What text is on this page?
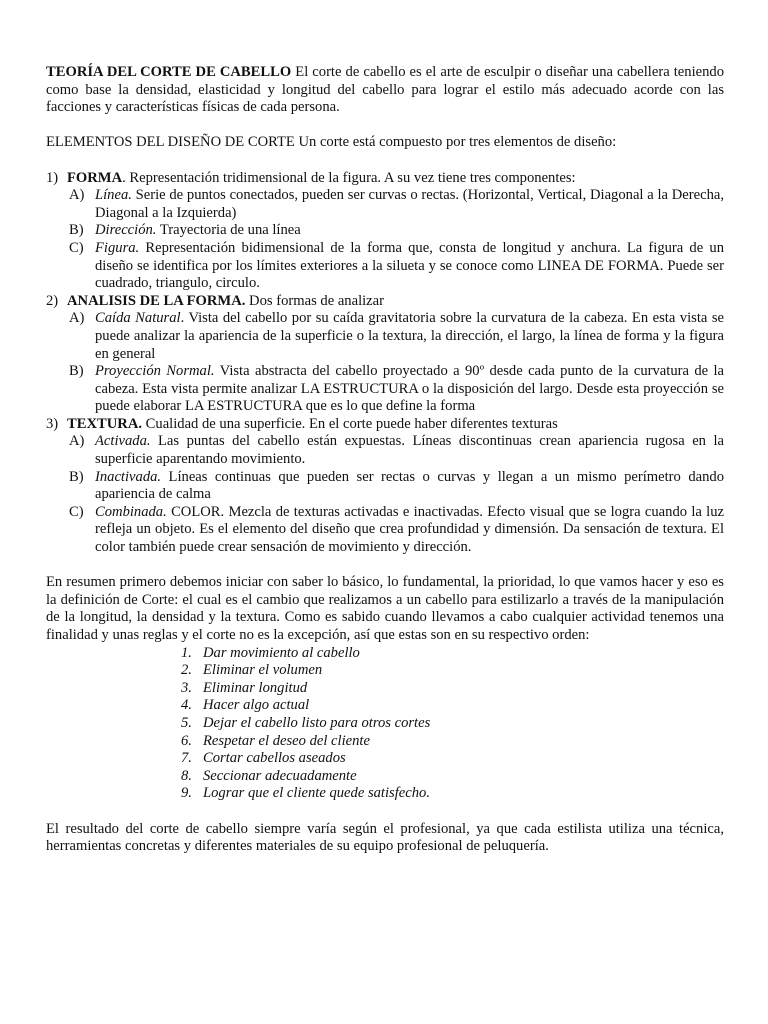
TEORÍA DEL CORTE DE CABELLO El corte de cabello es el arte de esculpir o diseñar una cabellera teniendo como base la densidad, elasticidad y longitud del cabello para lograr el estilo más adecuado acorde con las facciones y características físicas de cada persona.

ELEMENTOS DEL DISEÑO DE CORTE Un corte está compuesto por tres elementos de diseño:

1) FORMA. Representación tridimensional de la figura. A su vez tiene tres componentes:
A) Línea. Serie de puntos conectados, pueden ser curvas o rectas. (Horizontal, Vertical, Diagonal a la Derecha, Diagonal a la Izquierda)
B) Dirección. Trayectoria de una línea
C) Figura. Representación bidimensional de la forma que, consta de longitud y anchura. La figura de un diseño se identifica por los límites exteriores a la silueta y se conoce como LINEA DE FORMA. Puede ser cuadrado, triangulo, circulo.
2) ANALISIS DE LA FORMA. Dos formas de analizar
A) Caída Natural. Vista del cabello por su caída gravitatoria sobre la curvatura de la cabeza. En esta vista se puede analizar la apariencia de la superficie o la textura, la dirección, el largo, la línea de forma y la figura en general
B) Proyección Normal. Vista abstracta del cabello proyectado a 90º desde cada punto de la curvatura de la cabeza. Esta vista permite analizar LA ESTRUCTURA o la disposición del largo. Desde esta proyección se puede elaborar LA ESTRUCTURA que es lo que define la forma
3) TEXTURA. Cualidad de una superficie. En el corte puede haber diferentes texturas
A) Activada. Las puntas del cabello están expuestas. Líneas discontinuas crean apariencia rugosa en la superficie aparentando movimiento.
B) Inactivada. Líneas continuas que pueden ser rectas o curvas y llegan a un mismo perímetro dando apariencia de calma
C) Combinada. COLOR. Mezcla de texturas activadas e inactivadas. Efecto visual que se logra cuando la luz refleja un objeto. Es el elemento del diseño que crea profundidad y dimensión. Da sensación de textura. El color también puede crear sensación de movimiento y dirección.

En resumen primero debemos iniciar con saber lo básico, lo fundamental, la prioridad, lo que vamos hacer y eso es la definición de Corte: el cual es el cambio que realizamos a un cabello para estilizarlo a través de la manipulación de la longitud, la densidad y la textura. Como es sabido cuando llevamos a cabo cualquier actividad tenemos una finalidad y unas reglas y el corte no es la excepción, así que estas son en su respectivo orden:

1. Dar movimiento al cabello
2. Eliminar el volumen
3. Eliminar longitud
4. Hacer algo actual
5. Dejar el cabello listo para otros cortes
6. Respetar el deseo del cliente
7. Cortar cabellos aseados
8. Seccionar adecuadamente
9. Lograr que el cliente quede satisfecho.

El resultado del corte de cabello siempre varía según el profesional, ya que cada estilista utiliza una técnica, herramientas concretas y diferentes materiales de su equipo profesional de peluquería.
